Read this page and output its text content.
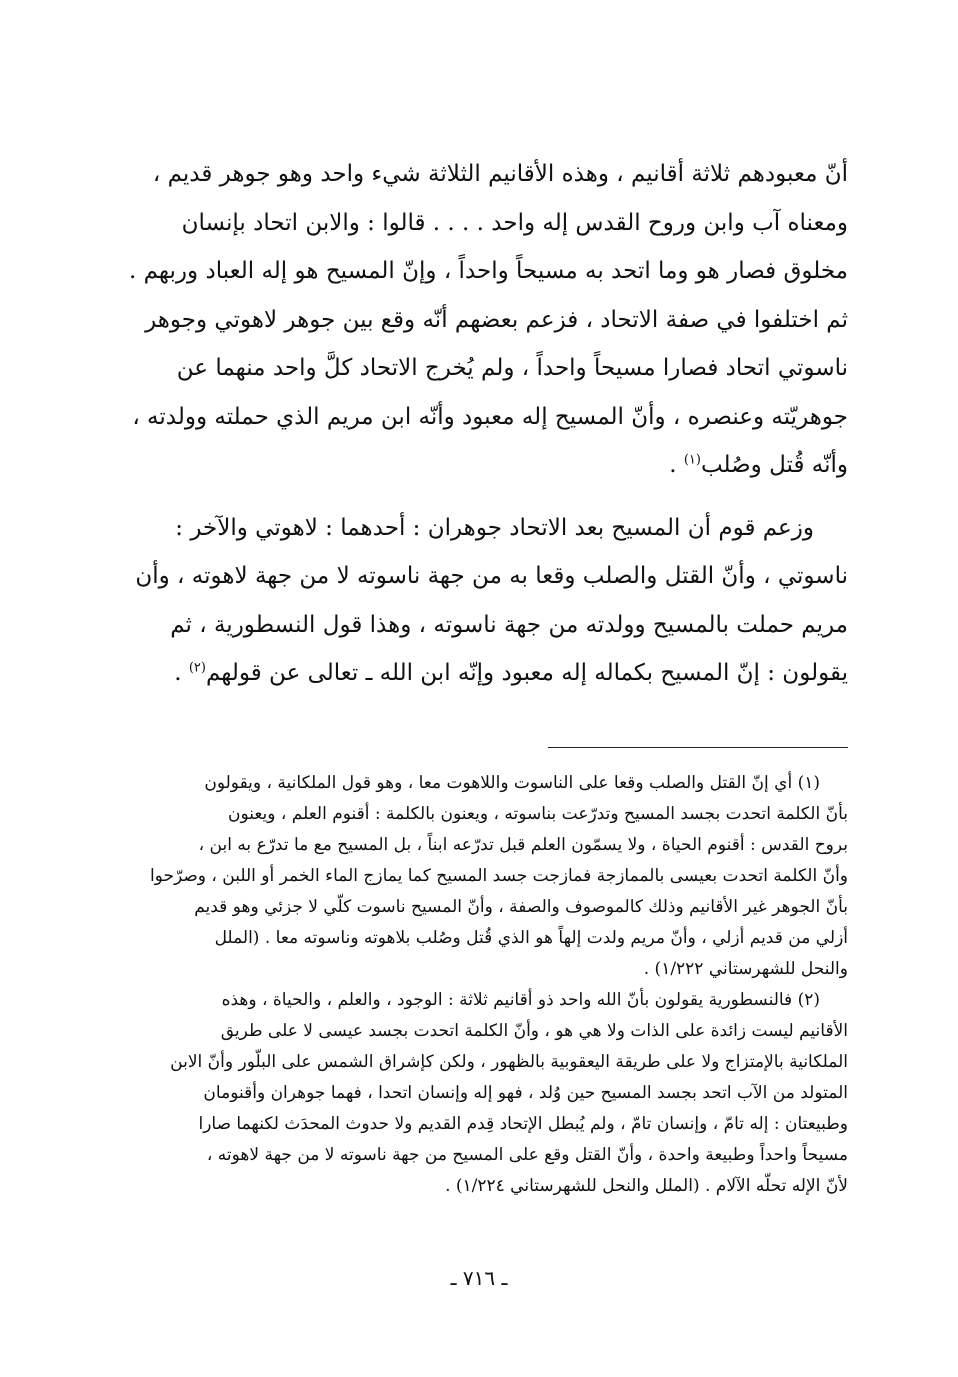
أنّ معبودهم ثلاثة أقانيم ، وهذه الأقانيم الثلاثة شيء واحد وهو جوهر قديم ،
ومعناه آب وابن وروح القدس إله واحد . . . . قالوا : والابن اتحاد بإنسان
مخلوق فصار هو وما اتحد به مسيحاً واحداً ، وإنّ المسيح هو إله العباد وربهم .
ثم اختلفوا في صفة الاتحاد ، فزعم بعضهم أنّه وقع بين جوهر لاهوتي وجوهر
ناسوتي اتحاد فصارا مسيحاً واحداً ، ولم يُخرج الاتحاد كلَّ واحد منهما عن
جوهريّته وعنصره ، وأنّ المسيح إله معبود وأنّه ابن مريم الذي حملته وولدته ،
وأنّه قُتل وصُلب$^{(١)}$ .
وزعم قوم أن المسيح بعد الاتحاد جوهران : أحدهما : لاهوتي والآخر :
ناسوتي ، وأنّ القتل والصلب وقعا به من جهة ناسوته لا من جهة لاهوته ، وأن
مريم حملت بالمسيح وولدته من جهة ناسوته ، وهذا قول النسطورية ، ثم
يقولون : إنّ المسيح بكماله إله معبود وإنّه ابن الله ـ تعالى عن قولهم$^{(٢)}$ .
(١) أي إنّ القتل والصلب وقعا على الناسوت واللاهوت معا ، وهو قول الملكانية ، ويقولون
بأنّ الكلمة اتحدت بجسد المسيح وتدرّعت بناسوته ، ويعنون بالكلمة : أقنوم العلم ، ويعنون
بروح القدس : أقنوم الحياة ، ولا يسمّون العلم قبل تدرّعه ابناً ، بل المسيح مع ما تدرّع به ابن ،
وأنّ الكلمة اتحدت بعيسى بالممازجة فمازجت جسد المسيح كما يمازج الماء الخمر أو اللبن ، وصرّحوا
بأنّ الجوهر غير الأقانيم وذلك كالموصوف والصفة ، وأنّ المسيح ناسوت كلّي لا جزئي وهو قديم
أزلي من قديم أزلي ، وأنّ مريم ولدت إلهاً هو الذي قُتل وصُلب بلاهوته وناسوته معا . (الملل
والنحل للشهرستاني ١/٢٢٢) .
(٢) فالنسطورية يقولون بأنّ الله واحد ذو أقانيم ثلاثة : الوجود ، والعلم ، والحياة ، وهذه
الأقانيم ليست زائدة على الذات ولا هي هو ، وأنّ الكلمة اتحدت بجسد عيسى لا على طريق
الملكانية بالإمتزاج ولا على طريقة اليعقوبية بالظهور ، ولكن كإشراق الشمس على البلّور وأنّ الابن
المتولد من الآب اتحد بجسد المسيح حين وُلد ، فهو إله وإنسان اتحدا ، فهما جوهران وأقنومان
وطبيعتان : إله تامّ ، وإنسان تامّ ، ولم يُبطل الإتحاد قِدم القديم ولا حدوث المحدَث لكنهما صارا
مسيحاً واحداً وطبيعة واحدة ، وأنّ القتل وقع على المسيح من جهة ناسوته لا من جهة لاهوته ،
لأنّ الإله تحلّه الآلام . (الملل والنحل للشهرستاني ١/٢٢٤) .
ـ ٧١٦ ـ
